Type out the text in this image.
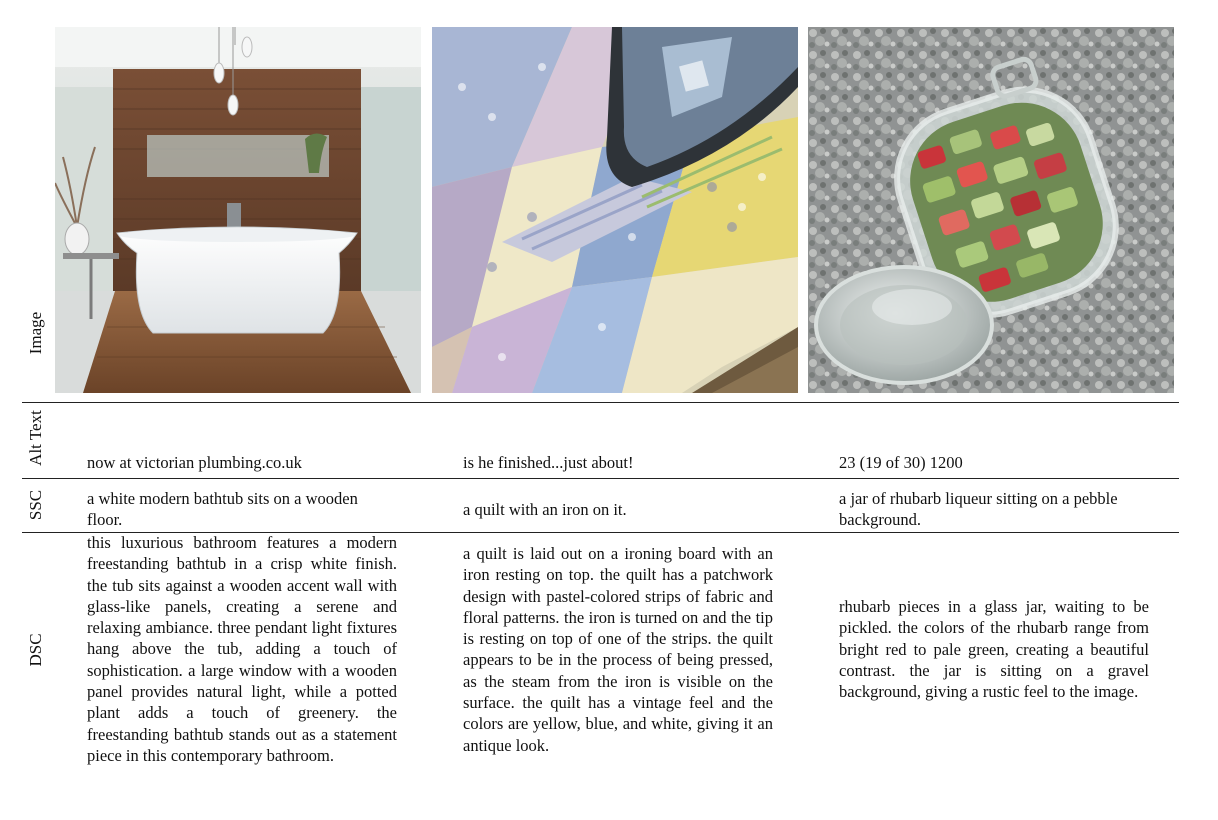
Image
Alt Text
SSC
DSC
now at victorian plumbing.co.uk	is he finished...just about!	23 (19 of 30) 1200
a white modern bathtub sits on a wooden floor.
a quilt with an iron on it.
a jar of rhubarb liqueur sitting on a pebble background.
this luxurious bathroom features a modern freestanding bathtub in a crisp white finish. the tub sits against a wooden accent wall with glass-like panels, creating a serene and relaxing ambiance. three pendant light fixtures hang above the tub, adding a touch of sophistication. a large window with a wooden panel provides natural light, while a potted plant adds a touch of greenery. the freestanding bathtub stands out as a statement piece in this contemporary bathroom.
a quilt is laid out on a ironing board with an iron resting on top. the quilt has a patchwork design with pastel-colored strips of fabric and floral patterns. the iron is turned on and the tip is resting on top of one of the strips. the quilt appears to be in the process of being pressed, as the steam from the iron is visible on the surface. the quilt has a vintage feel and the colors are yellow, blue, and white, giving it an antique look.
rhubarb pieces in a glass jar, waiting to be pickled. the colors of the rhubarb range from bright red to pale green, creating a beautiful contrast. the jar is sitting on a gravel background, giving a rustic feel to the image.
